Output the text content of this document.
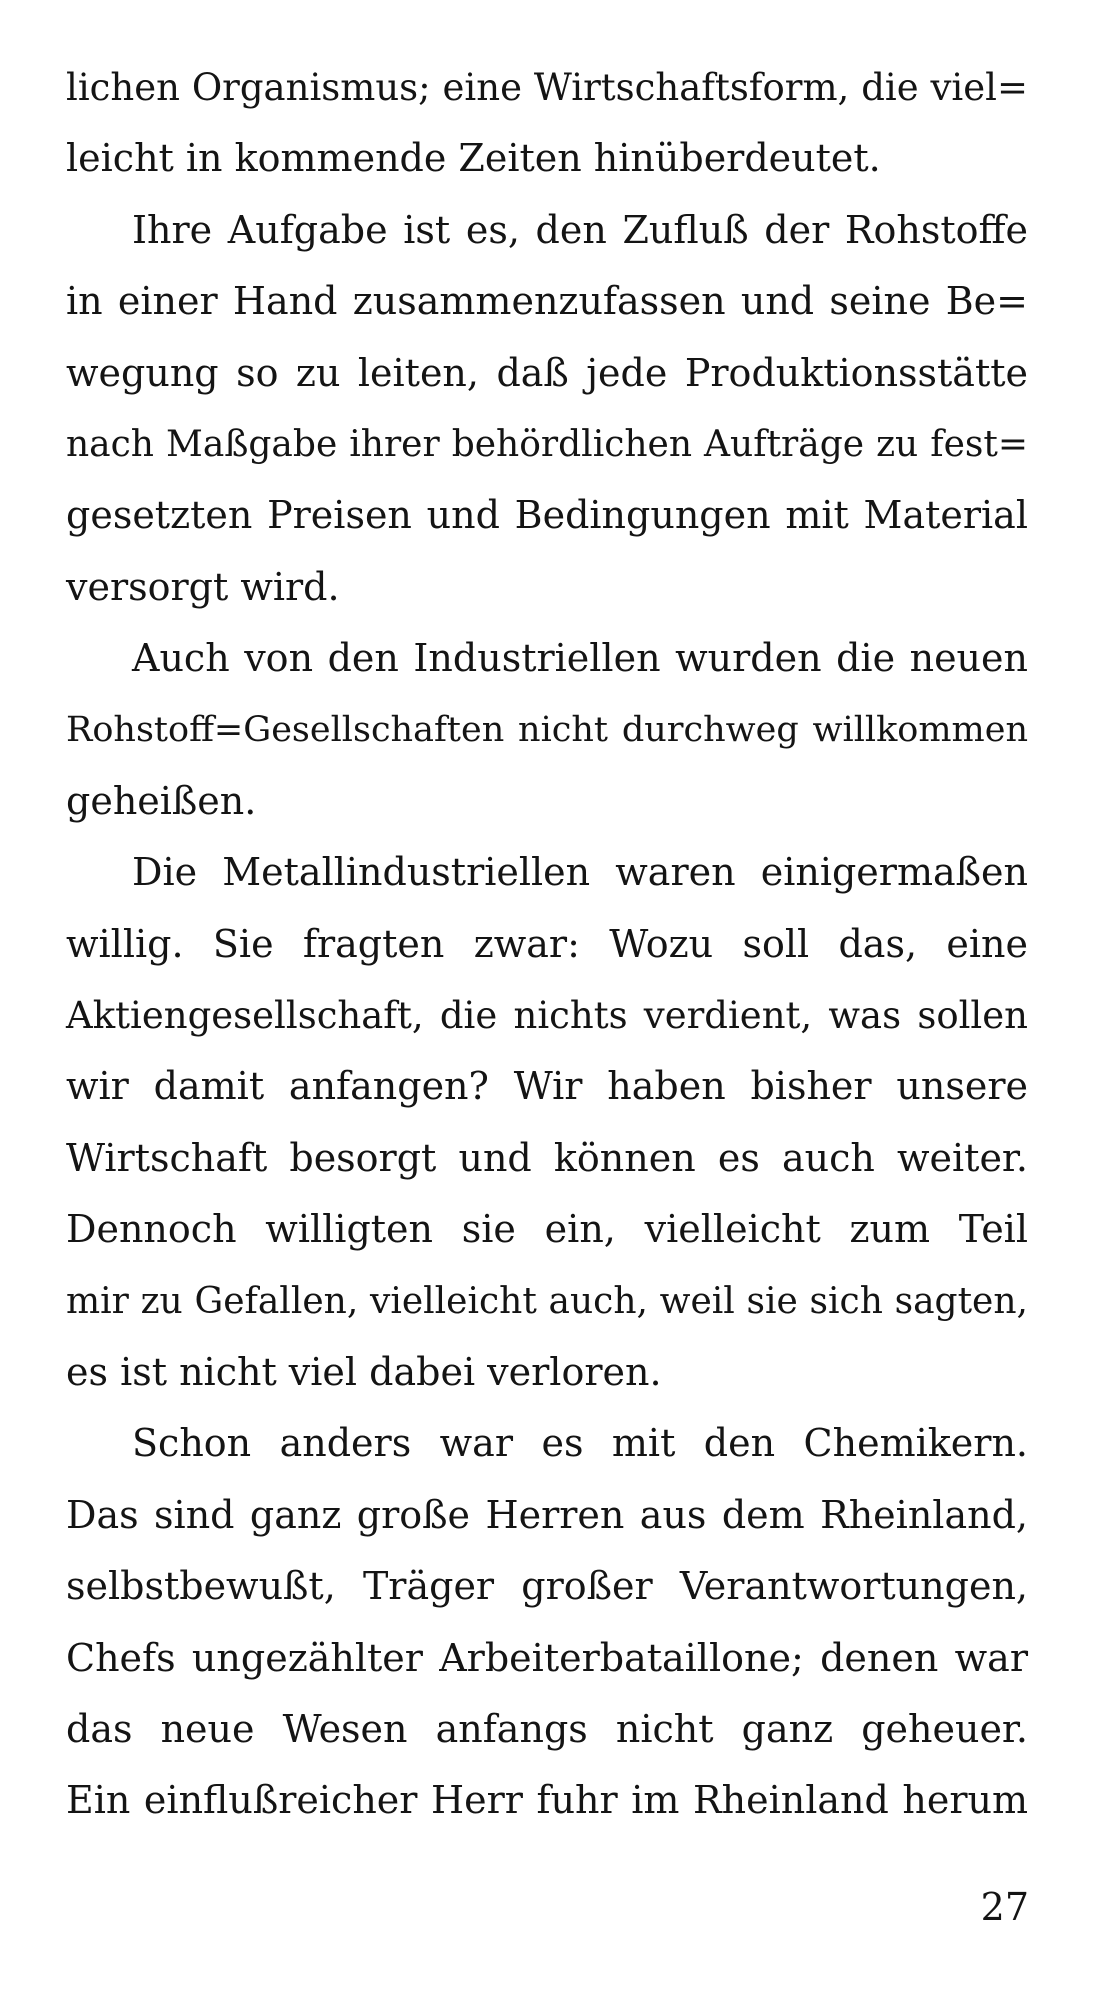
lichen Organismus; eine Wirtschaftsform, die viel=
leicht in kommende Zeiten hinüberdeutet.
Ihre Aufgabe ist es, den Zufluß der Rohstoffe
in einer Hand zusammenzufassen und seine Be=
wegung so zu leiten, daß jede Produktionsstätte
nach Maßgabe ihrer behördlichen Aufträge zu fest=
gesetzten Preisen und Bedingungen mit Material
versorgt wird.
Auch von den Industriellen wurden die neuen
Rohstoff=Gesellschaften nicht durchweg willkommen
geheißen.
Die Metallindustriellen waren einigermaßen
willig. Sie fragten zwar: Wozu soll das, eine
Aktiengesellschaft, die nichts verdient, was sollen
wir damit anfangen? Wir haben bisher unsere
Wirtschaft besorgt und können es auch weiter.
Dennoch willigten sie ein, vielleicht zum Teil
mir zu Gefallen, vielleicht auch, weil sie sich sagten,
es ist nicht viel dabei verloren.
Schon anders war es mit den Chemikern.
Das sind ganz große Herren aus dem Rheinland,
selbstbewußt, Träger großer Verantwortungen,
Chefs ungezählter Arbeiterbataillone; denen war
das neue Wesen anfangs nicht ganz geheuer.
Ein einflußreicher Herr fuhr im Rheinland herum
27
